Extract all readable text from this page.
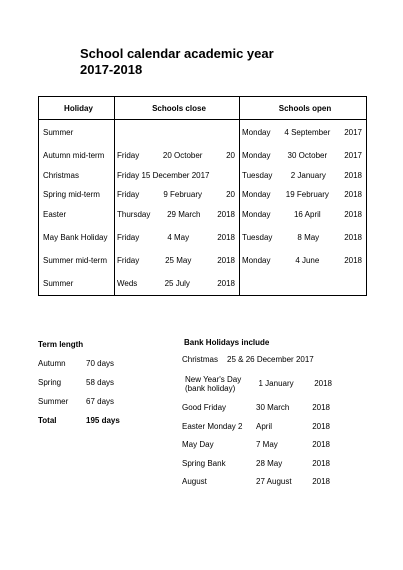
School calendar academic year
2017-2018
Holiday	Schools close	Schools open
Summer		Monday 4 September 2017

Autumn mid-term	Friday 20 October 20	Monday 30 October 2017

Christmas	Friday 15 December 2017	Tuesday 2 January 2018

Spring mid-term	Friday 9 February 20	Monday 19 February 2018

Easter	Thursday 29 March 2018	Monday 16 April 2018

May Bank Holiday	Friday 4 May 2018	Tuesday 8 May 2018

Summer mid-term	Friday 25 May 2018	Monday 4 June 2018

Summer	Weds 25 July 2018	

Term length
Autumn	70 days
Spring	58 days
Summer	67 days
Total	195 days
Bank Holidays include
Christmas	25 & 26 December 2017
New Year's Day (bank holiday)	1 January	2018
Good Friday	30 March	2018
Easter Monday 2	April	2018
May Day	7 May	2018
Spring Bank	28 May	2018
August	27 August	2018
